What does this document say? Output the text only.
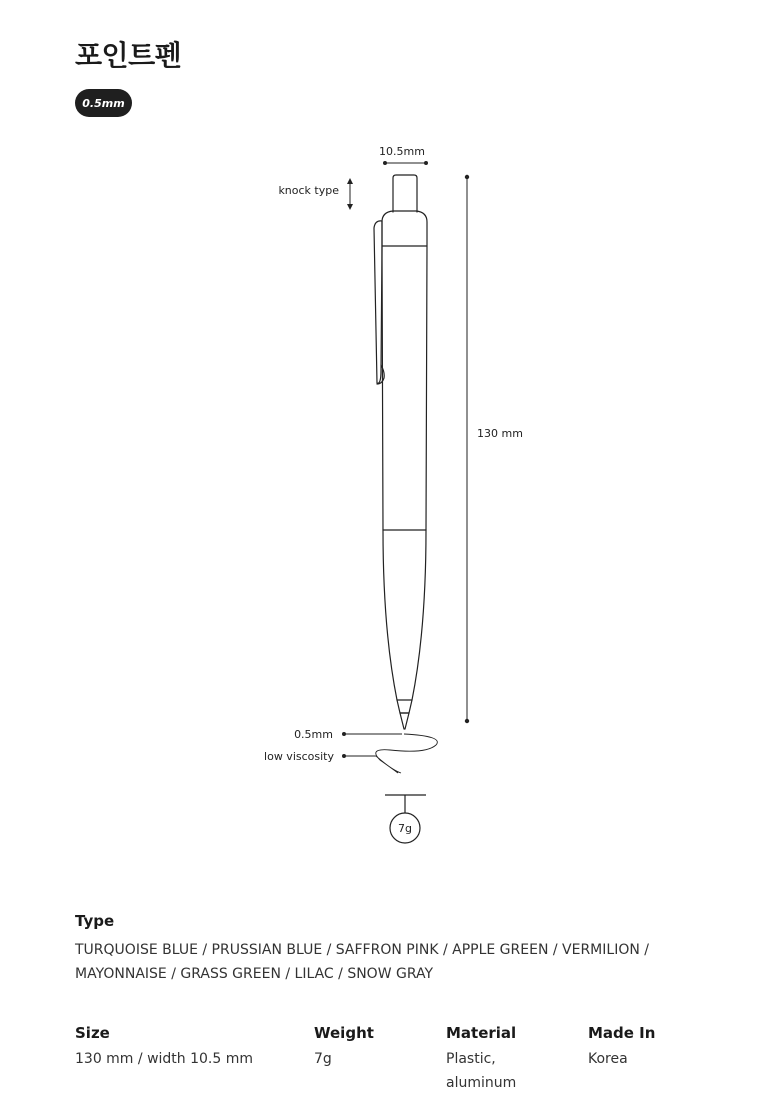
포인트펜
0.5mm
10.5mm
knock type
130 mm
0.5mm
low viscosity
7g
Type
TURQUOISE BLUE / PRUSSIAN BLUE / SAFFRON PINK / APPLE GREEN / VERMILION / MAYONNAISE / GRASS GREEN / LILAC / SNOW GRAY
Size
130 mm / width 10.5 mm
Weight
7g
Material
Plastic, aluminum
Made In
Korea
